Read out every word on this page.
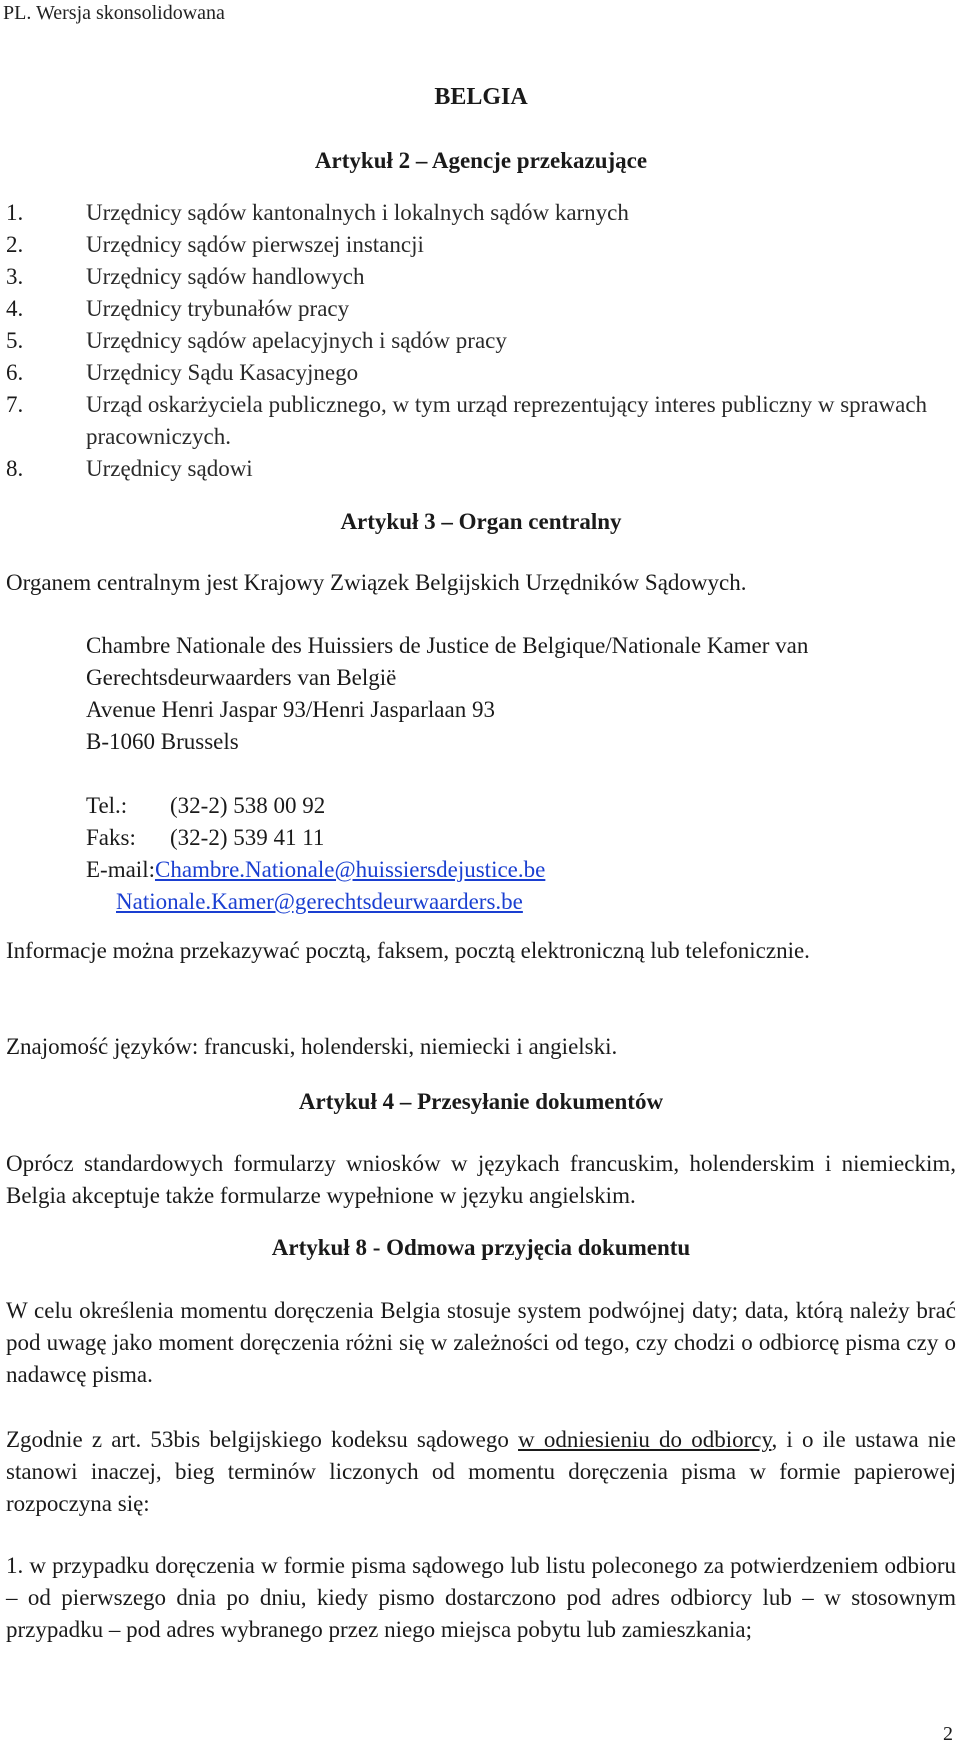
PL. Wersja skonsolidowana
BELGIA
Artykuł 2 – Agencje przekazujące
1.	Urzędnicy sądów kantonalnych i lokalnych sądów karnych
2.	Urzędnicy sądów pierwszej instancji
3.	Urzędnicy sądów handlowych
4.	Urzędnicy trybunałów pracy
5.	Urzędnicy sądów apelacyjnych i sądów pracy
6.	Urzędnicy Sądu Kasacyjnego
7.	Urząd oskarżyciela publicznego, w tym urząd reprezentujący interes publiczny w sprawach pracowniczych.
8.	Urzędnicy sądowi
Artykuł 3 – Organ centralny
Organem centralnym jest Krajowy Związek Belgijskich Urzędników Sądowych.
Chambre Nationale des Huissiers de Justice de Belgique/Nationale Kamer van Gerechtsdeurwaarders van België
Avenue Henri Jaspar 93/Henri Jasparlaan 93
B-1060 Brussels
Tel.:	(32-2) 538 00 92
Faks:	(32-2) 539 41 11
E-mail: Chambre.Nationale@huissiersdejustice.be
Nationale.Kamer@gerechtsdeurwaarders.be
Informacje można przekazywać pocztą, faksem, pocztą elektroniczną lub telefonicznie.
Znajomość języków: francuski, holenderski, niemiecki i angielski.
Artykuł 4 – Przesyłanie dokumentów
Oprócz standardowych formularzy wniosków w językach francuskim, holenderskim i niemieckim, Belgia akceptuje także formularze wypełnione w języku angielskim.
Artykuł 8 - Odmowa przyjęcia dokumentu
W celu określenia momentu doręczenia Belgia stosuje system podwójnej daty; data, którą należy brać pod uwagę jako moment doręczenia różni się w zależności od tego, czy chodzi o odbiorcę pisma czy o nadawcę pisma.
Zgodnie z art. 53bis belgijskiego kodeksu sądowego w odniesieniu do odbiorcy, i o ile ustawa nie stanowi inaczej, bieg terminów liczonych od momentu doręczenia pisma w formie papierowej rozpoczyna się:
1. w przypadku doręczenia w formie pisma sądowego lub listu poleconego za potwierdzeniem odbioru – od pierwszego dnia po dniu, kiedy pismo dostarczono pod adres odbiorcy lub – w stosownym przypadku – pod adres wybranego przez niego miejsca pobytu lub zamieszkania;
2
